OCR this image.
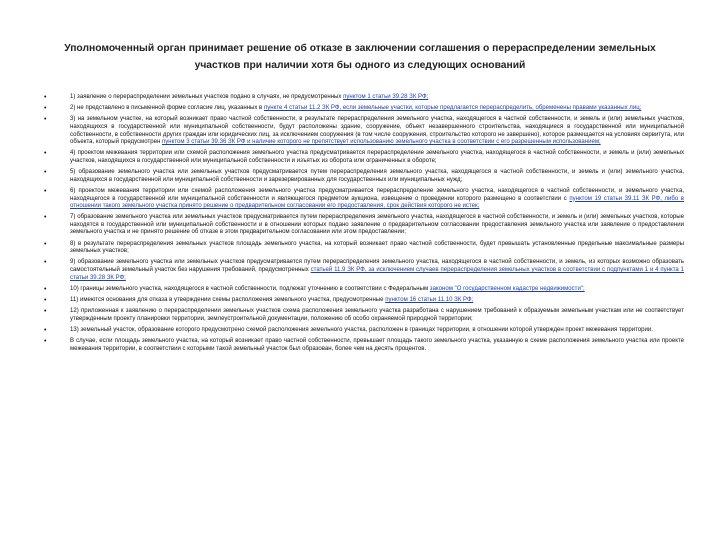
Уполномоченный орган принимает решение об отказе в заключении соглашения о перераспределении земельных
участков при наличии хотя бы одного из следующих оснований
• 1) заявление о перераспределении земельных участков подано в случаях, не предусмотренных пунктом 1 статьи 39.28 ЗК РФ;
• 2) не представлено в письменной форме согласие лиц, указанных в пункте 4 статьи 11.2 ЗК РФ, если земельные участки, которые предлагается перераспределить, обременены правами указанных лиц;
• 3) на земельном участке, на который возникает право частной собственности, в результате перераспределения земельного участка, находящегося в частной собственности, и земель и (или) земельных участков, находящихся в государственной или муниципальной собственности, будут расположены здание, сооружение, объект незавершенного строительства, находящиеся в государственной или муниципальной собственности, в собственности других граждан или юридических лиц, за исключением сооружения (в том числе сооружения, строительство которого не завершено), которое размещается на условиях сервитута, или объекта, который предусмотрен пунктом 3 статьи 39.36 ЗК РФ и наличие которого не препятствует использованию земельного участка в соответствии с его разрешенным использованием;
• 4) проектом межевания территории или схемой расположения земельного участка предусматривается перераспределение земельного участка, находящегося в частной собственности, и земель и (или) земельных участков, находящихся в государственной или муниципальной собственности и изъятых из оборота или ограниченных в обороте;
• 5) образование земельного участка или земельных участков предусматривается путем перераспределения земельного участка, находящегося в частной собственности, и земель и (или) земельного участка, находящихся в государственной или муниципальной собственности и зарезервированных для государственных или муниципальных нужд;
• 6) проектом межевания территории или схемой расположения земельного участка предусматривается перераспределение земельного участка, находящегося в частной собственности, и земельного участка, находящегося в государственной или муниципальной собственности и являющегося предметом аукциона, извещение о проведении которого размещено в соответствии с пунктом 19 статьи 39.11 ЗК РФ, либо в отношении такого земельного участка принято решение о предварительном согласовании его предоставления, срок действия которого не истек;
• 7) образование земельного участка или земельных участков предусматривается путем перераспределения земельного участка, находящегося в частной собственности, и земель и (или) земельных участков, которые находятся в государственной или муниципальной собственности и в отношении которых подано заявление о предварительном согласовании предоставления земельного участка или заявление о предоставлении земельного участка и не принято решение об отказе в этом предварительном согласовании или этом предоставлении;
• 8) в результате перераспределения земельных участков площадь земельного участка, на который возникает право частной собственности, будет превышать установленные предельные максимальные размеры земельных участков;
• 9) образование земельного участка или земельных участков предусматривается путем перераспределения земельного участка, находящегося в частной собственности, и земель, из которых возможно образовать самостоятельный земельный участок без нарушения требований, предусмотренных статьей 11.9 ЗК РФ, за исключением случаев перераспределения земельных участков в соответствии с подпунктами 1 и 4 пункта 1 статьи 39.28 ЗК РФ;
• 10) границы земельного участка, находящегося в частной собственности, подлежат уточнению в соответствии с Федеральным законом "О государственном кадастре недвижимости";
• 11) имеются основания для отказа в утверждении схемы расположения земельного участка, предусмотренные пунктом 16 статьи 11.10 ЗК РФ;
• 12) приложенная к заявлению о перераспределении земельных участков схема расположения земельного участка разработана с нарушением требований к образуемым земельным участкам или не соответствует утвержденным проекту планировки территории, землеустроительной документации, положению об особо охраняемой природной территории;
• 13) земельный участок, образование которого предусмотрено схемой расположения земельного участка, расположен в границах территории, в отношении которой утвержден проект межевания территории.
• В случае, если площадь земельного участка, на который возникает право частной собственности, превышает площадь такого земельного участка, указанную в схеме расположения земельного участка или проекте межевания территории, в соответствии с которыми такой земельный участок был образован, более чем на десять процентов.
